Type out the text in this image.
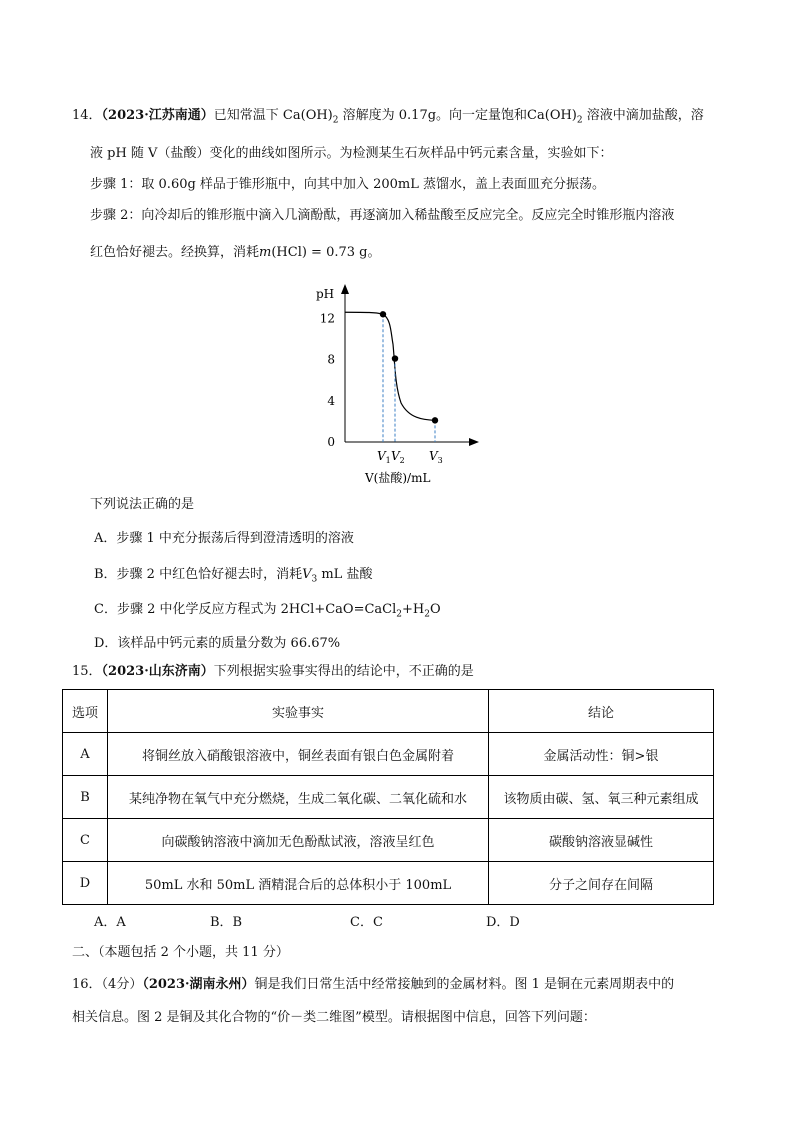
14．（2023·江苏南通）已知常温下 $Ca(OH)_2$ 溶解度为 0.17g。向一定量饱和$Ca(OH)_2$ 溶液中滴加盐酸，溶
液 pH 随 V（盐酸）变化的曲线如图所示。为检测某生石灰样品中钙元素含量，实验如下：
步骤 1：取 0.60g 样品于锥形瓶中，向其中加入 200mL 蒸馏水，盖上表面皿充分振荡。
步骤 2：向冷却后的锥形瓶中滴入几滴酚酞，再逐滴加入稀盐酸至反应完全。反应完全时锥形瓶内溶液
红色恰好褪去。经换算，消耗m(HCl) = 0.73 g。
pH
0
4
8
12
$V_1$ $V_2$ $V_3$
V(盐酸)/mL
下列说法正确的是
A．步骤 1 中充分振荡后得到澄清透明的溶液
B．步骤 2 中红色恰好褪去时，消耗$V_3$ mL 盐酸
C．步骤 2 中化学反应方程式为 $2HCl+CaO=CaCl_2+H_2O$
D．该样品中钙元素的质量分数为 66.67%
15．（2023·山东济南）下列根据实验事实得出的结论中，不正确的是
选项	实验事实	结论
A	将铜丝放入硝酸银溶液中，铜丝表面有银白色金属附着	金属活动性：铜>银
B	某纯净物在氧气中充分燃烧，生成二氧化碳、二氧化硫和水	该物质由碳、氢、氧三种元素组成
C	向碳酸钠溶液中滴加无色酚酞试液，溶液呈红色	碳酸钠溶液显碱性
D	50mL 水和 50mL 酒精混合后的总体积小于 100mL	分子之间存在间隔
A．A	B．B	C．C	D．D
二、（本题包括 2 个小题，共 11 分）
16．（4分）（2023·湖南永州）铜是我们日常生活中经常接触到的金属材料。图 1 是铜在元素周期表中的
相关信息。图 2 是铜及其化合物的“价－类二维图”模型。请根据图中信息，回答下列问题：
